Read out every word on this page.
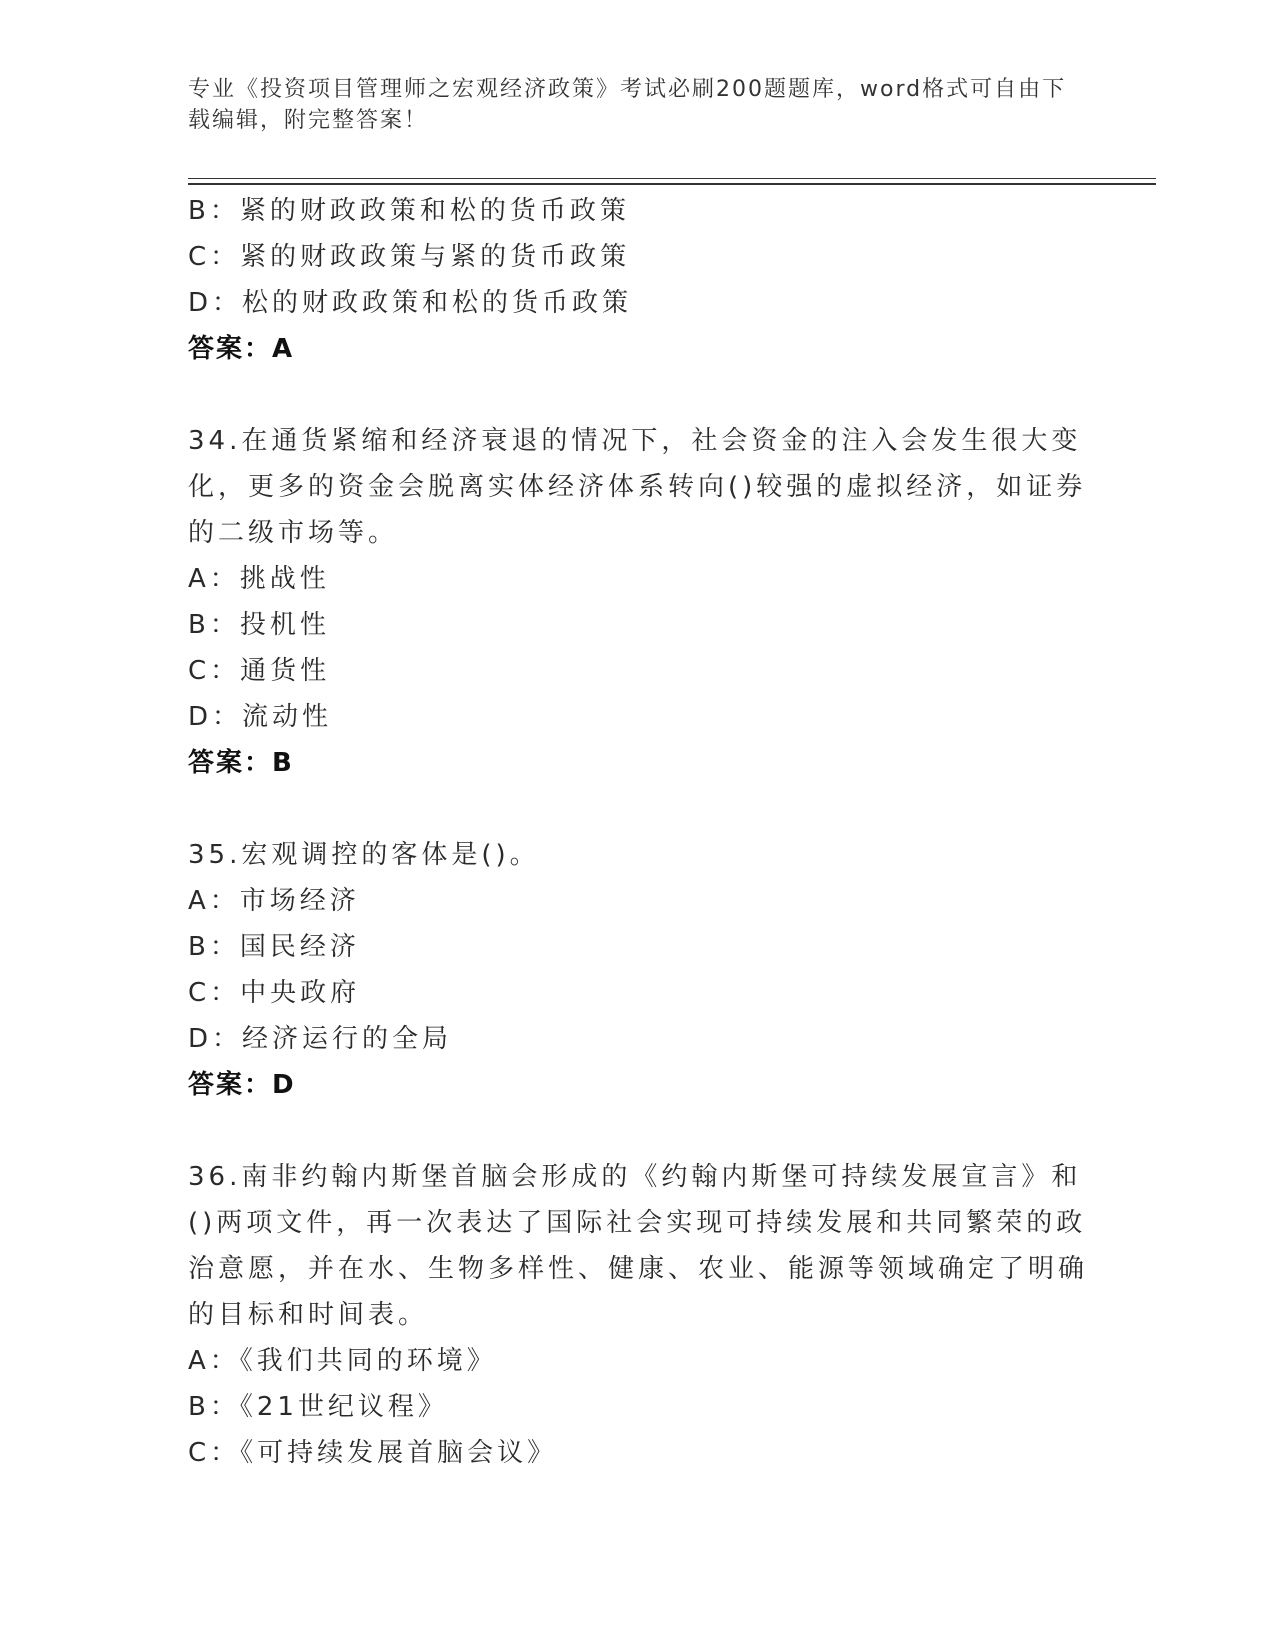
专业《投资项目管理师之宏观经济政策》考试必刷200题题库，word格式可自由下载编辑，附完整答案！
B：紧的财政政策和松的货币政策
C：紧的财政政策与紧的货币政策
D：松的财政政策和松的货币政策
答案：A
34.在通货紧缩和经济衰退的情况下，社会资金的注入会发生很大变化，更多的资金会脱离实体经济体系转向()较强的虚拟经济，如证券的二级市场等。
A：挑战性
B：投机性
C：通货性
D：流动性
答案：B
35.宏观调控的客体是()。
A：市场经济
B：国民经济
C：中央政府
D：经济运行的全局
答案：D
36.南非约翰内斯堡首脑会形成的《约翰内斯堡可持续发展宣言》和()两项文件，再一次表达了国际社会实现可持续发展和共同繁荣的政治意愿，并在水、生物多样性、健康、农业、能源等领域确定了明确的目标和时间表。
A：《我们共同的环境》
B：《21世纪议程》
C：《可持续发展首脑会议》
